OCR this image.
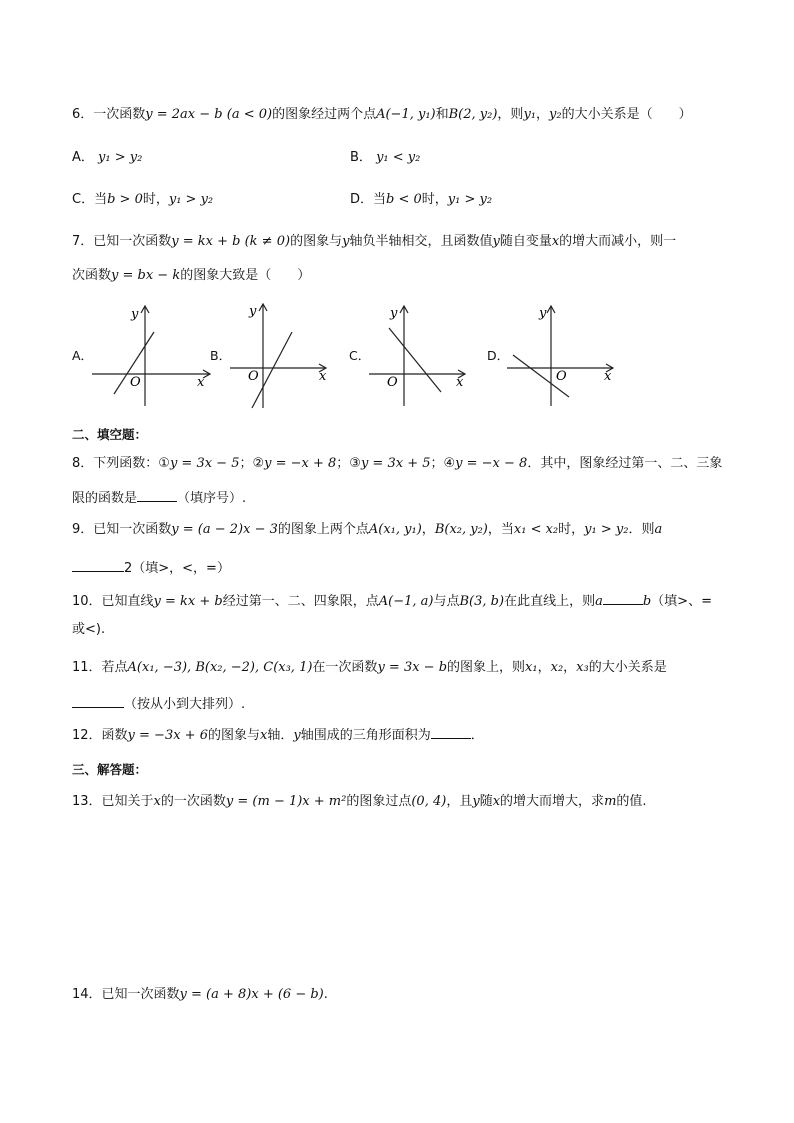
6．一次函数y = 2ax − b (a < 0)的图象经过两个点A(−1, y₁)和B(2, y₂)，则y₁，y₂的大小关系是（　　）
A． y₁ > y₂	B． y₁ < y₂
C．当b > 0时，y₁ > y₂	D．当b < 0时，y₁ > y₂
7．已知一次函数y = kx + b (k ≠ 0)的图象与y轴负半轴相交，且函数值y随自变量x的增大而减小，则一
次函数y = bx − k的图象大致是（　　）
A．
x
y
O
B．
x
y
O
C．
x
y
O
D．
x
y
O
二、填空题：
8．下列函数：①y = 3x − 5；②y = −x + 8；③y = 3x + 5；④y = −x − 8．其中，图象经过第一、二、三象
限的函数是	（填序号）.
9．已知一次函数y = (a − 2)x − 3的图象上两个点A(x₁, y₁)，B(x₂, y₂)，当x₁ < x₂时，y₁ > y₂．则a
2（填>，<，=）
10．已知直线y = kx + b经过第一、二、四象限，点A(−1, a)与点B(3, b)在此直线上，则a	b（填>、=
或<).
11．若点A(x₁, −3), B(x₂, −2), C(x₃, 1)在一次函数y = 3x − b的图象上，则x₁，x₂，x₃的大小关系是
（按从小到大排列）.
12．函数y = −3x + 6的图象与x轴．y轴围成的三角形面积为	．
三、解答题：
13．已知关于x的一次函数y = (m − 1)x + m²的图象过点(0, 4)，且y随x的增大而增大，求m的值.
14．已知一次函数y = (a + 8)x + (6 − b).
